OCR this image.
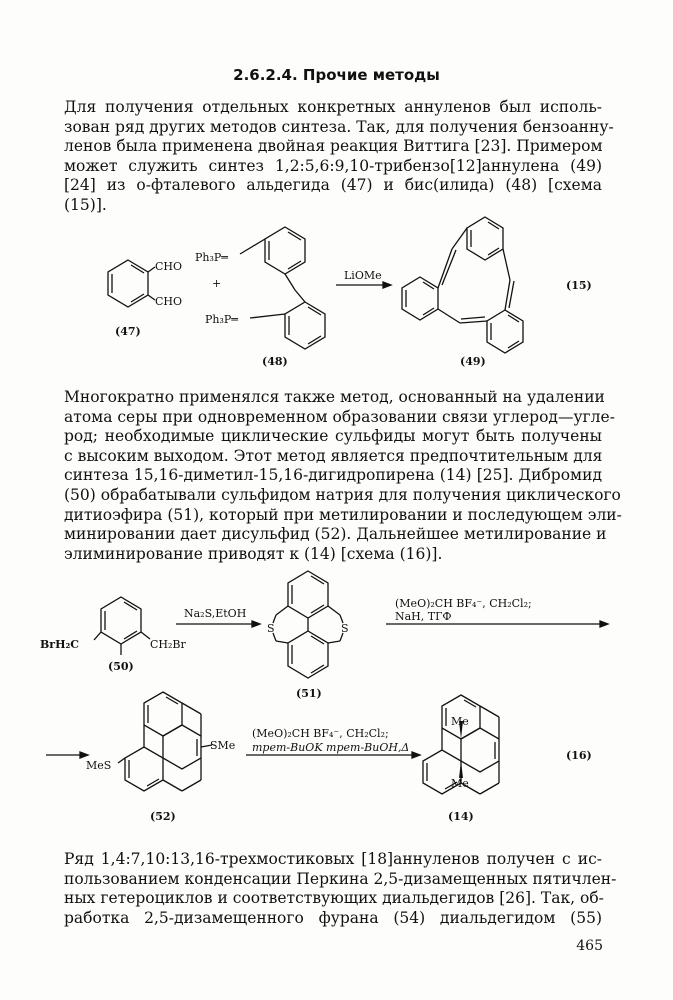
2.6.2.4. Прочие методы

Для получения отдельных конкретных аннуленов был исполь-
зован ряд других методов синтеза. Так, для получения бензоанну-
ленов была применена двойная реакция Виттига [23]. Примером
может служить синтез 1,2:5,6:9,10-трибензо[12]аннулена (49)
[24] из о-фталевого альдегида (47) и бис(илида) (48) [схема
(15)].

CHO
CHO
(47)
Ph₃P═
+
Ph₃P═
(48)
LiOMe
(49)
(15)

Многократно применялся также метод, основанный на удалении
атома серы при одновременном образовании связи углерод—угле-
род; необходимые циклические сульфиды могут быть получены
с высоким выходом. Этот метод является предпочтительным для
синтеза 15,16-диметил-15,16-дигидропирена (14) [25]. Дибромид
(50) обрабатывали сульфидом натрия для получения циклического
дитиоэфира (51), который при метилировании и последующем эли-
минировании дает дисульфид (52). Дальнейшее метилирование и
элиминирование приводят к (14) [схема (16)].

BrH₂C	CH₂Br
(50)
Na₂S,EtOH
S	S
(51)
(MeO)₂CH BF₄⁻, CH₂Cl₂;
NaH, ТГФ
MeS
SMe
(52)
(MeO)₂CH BF₄⁻, CH₂Cl₂;
трет-BuOK трет-BuOH,Δ
Me
Me
(14)
(16)

Ряд 1,4:7,10:13,16-трехмостиковых [18]аннуленов получен с ис-
пользованием конденсации Перкина 2,5-дизамещенных пятичлен-
ных гетероциклов и соответствующих диальдегидов [26]. Так, об-
работка 2,5-дизамещенного фурана (54) диальдегидом (55)

465
